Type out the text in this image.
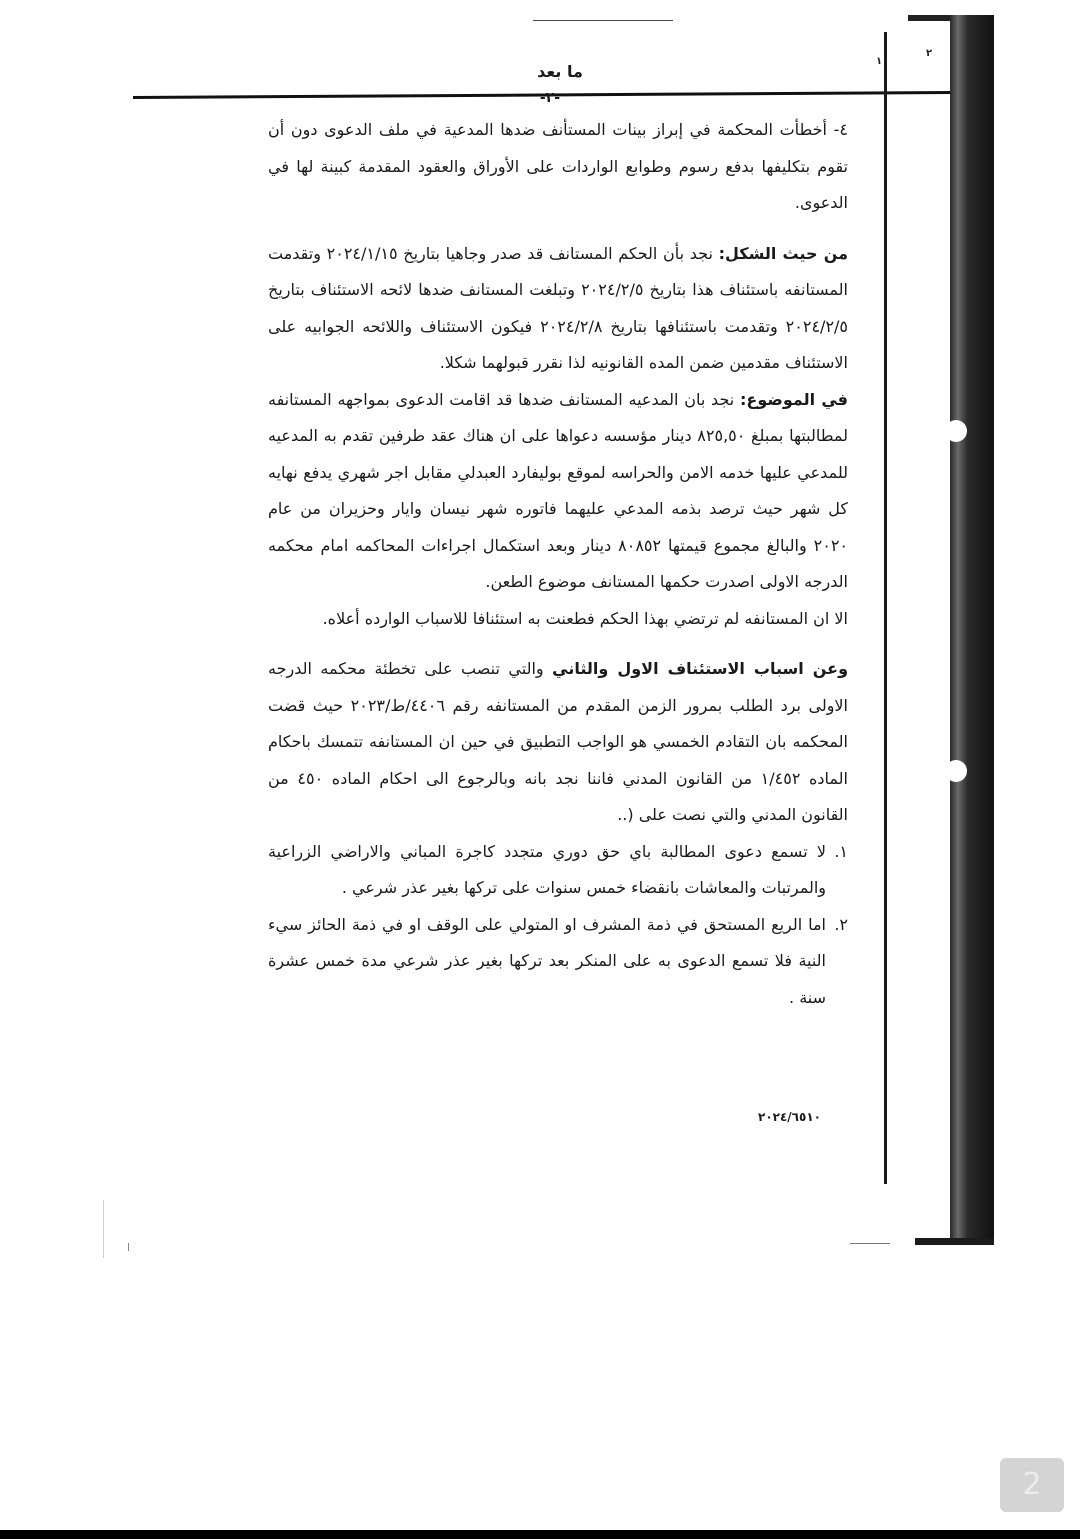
ما بعد
-٢-
٢
١

٤- أخطأت المحكمة في إبراز بينات المستأنف ضدها المدعية في ملف الدعوى دون أن تقوم بتكليفها بدفع رسوم وطوابع الواردات على الأوراق والعقود المقدمة كبينة لها في الدعوى.

من حيث الشكل: نجد بأن الحكم المستانف قد صدر وجاهيا بتاريخ ٢٠٢٤/١/١٥ وتقدمت المستانفه باستئناف هذا بتاريخ ٢٠٢٤/٢/٥ وتبلغت المستانف ضدها لائحه الاستئناف بتاريخ ٢٠٢٤/٢/٥ وتقدمت باستئنافها بتاريخ ٢٠٢٤/٢/٨ فيكون الاستئناف واللائحه الجوابيه على الاستئناف مقدمين ضمن المده القانونيه لذا نقرر قبولهما شكلا.

في الموضوع: نجد بان المدعيه المستانف ضدها قد اقامت الدعوى بمواجهه المستانفه لمطالبتها بمبلغ ٨٢٥,٥٠ دينار مؤسسه دعواها على ان هناك عقد طرفين تقدم به المدعيه للمدعي عليها خدمه الامن والحراسه لموقع بوليفارد العبدلي مقابل اجر شهري يدفع نهايه كل شهر حيث ترصد بذمه المدعي عليهما فاتوره شهر نيسان وايار وحزيران من عام ٢٠٢٠ والبالغ مجموع قيمتها ٨٠٨٥٢ دينار وبعد استكمال اجراءات المحاكمه امام محكمه الدرجه الاولى اصدرت حكمها المستانف موضوع الطعن.

الا ان المستانفه لم ترتضي بهذا الحكم فطعنت به استئنافا للاسباب الوارده أعلاه.

وعن اسباب الاستئناف الاول والثاني والتي تنصب على تخطئة محكمه الدرجه الاولى برد الطلب بمرور الزمن المقدم من المستانفه رقم ٤٤٠٦/ط/٢٠٢٣ حيث قضت المحكمه بان التقادم الخمسي هو الواجب التطبيق في حين ان المستانفه تتمسك باحكام الماده ١/٤٥٢ من القانون المدني فاننا نجد بانه وبالرجوع الى احكام الماده ٤٥٠ من القانون المدني والتي نصت على (..

١.
لا تسمع دعوى المطالبة باي حق دوري متجدد كاجرة المباني والاراضي الزراعية والمرتبات والمعاشات بانقضاء خمس سنوات على تركها بغير عذر شرعي .
٢.
اما الريع المستحق في ذمة المشرف او المتولي على الوقف او في ذمة الحائز سيء النية فلا تسمع الدعوى به على المنكر بعد تركها بغير عذر شرعي مدة خمس عشرة سنة .
٢٠٢٤/٦٥١٠
2
